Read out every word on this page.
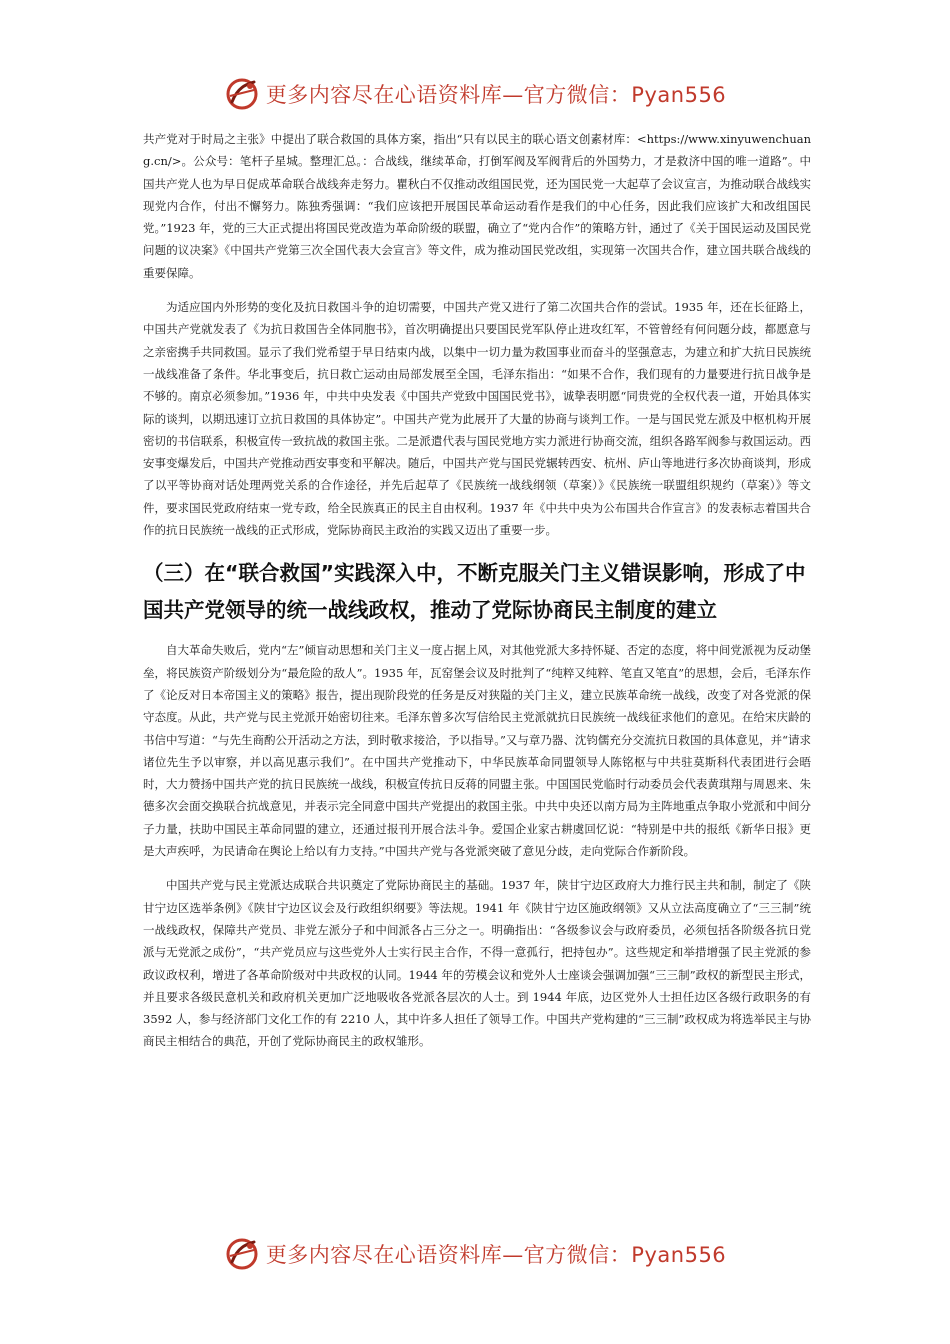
更多内容尽在心语资料库—官方微信：Pyan556

共产党对于时局之主张》中提出了联合救国的具体方案，指出“只有以民主的联心语文创素材库：<https://www.xinyuwenchuang.cn/>。公众号：笔杆子星城。整理汇总。：合战线，继续革命，打倒军阀及军阀背后的外国势力，才是救济中国的唯一道路”。中国共产党人也为早日促成革命联合战线奔走努力。瞿秋白不仅推动改组国民党，还为国民党一大起草了会议宣言，为推动联合战线实现党内合作，付出不懈努力。陈独秀强调：“我们应该把开展国民革命运动看作是我们的中心任务，因此我们应该扩大和改组国民党。”1923 年，党的三大正式提出将国民党改造为革命阶级的联盟，确立了“党内合作”的策略方针，通过了《关于国民运动及国民党问题的议决案》《中国共产党第三次全国代表大会宣言》等文件，成为推动国民党改组，实现第一次国共合作，建立国共联合战线的重要保障。

为适应国内外形势的变化及抗日救国斗争的迫切需要，中国共产党又进行了第二次国共合作的尝试。1935 年，还在长征路上，中国共产党就发表了《为抗日救国告全体同胞书》，首次明确提出只要国民党军队停止进攻红军，不管曾经有何问题分歧，都愿意与之亲密携手共同救国。显示了我们党希望于早日结束内战，以集中一切力量为救国事业而奋斗的坚强意志，为建立和扩大抗日民族统一战线准备了条件。华北事变后，抗日救亡运动由局部发展至全国，毛泽东指出：“如果不合作，我们现有的力量要进行抗日战争是不够的。南京必须参加。”1936 年，中共中央发表《中国共产党致中国国民党书》，诚挚表明愿“同贵党的全权代表一道，开始具体实际的谈判，以期迅速订立抗日救国的具体协定”。中国共产党为此展开了大量的协商与谈判工作。一是与国民党左派及中枢机构开展密切的书信联系，积极宣传一致抗战的救国主张。二是派遣代表与国民党地方实力派进行协商交流，组织各路军阀参与救国运动。西安事变爆发后，中国共产党推动西安事变和平解决。随后，中国共产党与国民党辗转西安、杭州、庐山等地进行多次协商谈判，形成了以平等协商对话处理两党关系的合作途径，并先后起草了《民族统一战线纲领（草案）》《民族统一联盟组织规约（草案）》等文件，要求国民党政府结束一党专政，给全民族真正的民主自由权利。1937 年《中共中央为公布国共合作宣言》的发表标志着国共合作的抗日民族统一战线的正式形成，党际协商民主政治的实践又迈出了重要一步。

（三）在“联合救国”实践深入中，不断克服关门主义错误影响，形成了中国共产党领导的统一战线政权，推动了党际协商民主制度的建立

自大革命失败后，党内“左”倾盲动思想和关门主义一度占据上风，对其他党派大多持怀疑、否定的态度，将中间党派视为反动堡垒，将民族资产阶级划分为“最危险的敌人”。1935 年，瓦窑堡会议及时批判了“纯粹又纯粹、笔直又笔直”的思想，会后，毛泽东作了《论反对日本帝国主义的策略》报告，提出现阶段党的任务是反对狭隘的关门主义，建立民族革命统一战线，改变了对各党派的保守态度。从此，共产党与民主党派开始密切往来。毛泽东曾多次写信给民主党派就抗日民族统一战线征求他们的意见。在给宋庆龄的书信中写道：“与先生商酌公开活动之方法，到时敬求接洽，予以指导。”又与章乃器、沈钧儒充分交流抗日救国的具体意见，并“请求诸位先生予以审察，并以高见惠示我们”。在中国共产党推动下，中华民族革命同盟领导人陈铭枢与中共驻莫斯科代表团进行会晤时，大力赞扬中国共产党的抗日民族统一战线，积极宣传抗日反蒋的同盟主张。中国国民党临时行动委员会代表黄琪翔与周恩来、朱德多次会面交换联合抗战意见，并表示完全同意中国共产党提出的救国主张。中共中央还以南方局为主阵地重点争取小党派和中间分子力量，扶助中国民主革命同盟的建立，还通过报刊开展合法斗争。爱国企业家古耕虞回忆说：“特别是中共的报纸《新华日报》更是大声疾呼，为民请命在舆论上给以有力支持。”中国共产党与各党派突破了意见分歧，走向党际合作新阶段。

中国共产党与民主党派达成联合共识奠定了党际协商民主的基础。1937 年，陕甘宁边区政府大力推行民主共和制，制定了《陕甘宁边区选举条例》《陕甘宁边区议会及行政组织纲要》等法规。1941 年《陕甘宁边区施政纲领》又从立法高度确立了“三三制”统一战线政权，保障共产党员、非党左派分子和中间派各占三分之一。明确指出：“各级参议会与政府委员，必须包括各阶级各抗日党派与无党派之成份”，“共产党员应与这些党外人士实行民主合作，不得一意孤行，把持包办”。这些规定和举措增强了民主党派的参政议政权利，增进了各革命阶级对中共政权的认同。1944 年的劳模会议和党外人士座谈会强调加强“三三制”政权的新型民主形式，并且要求各级民意机关和政府机关更加广泛地吸收各党派各层次的人士。到 1944 年底，边区党外人士担任边区各级行政职务的有 3592 人，参与经济部门文化工作的有 2210 人，其中许多人担任了领导工作。中国共产党构建的“三三制”政权成为将选举民主与协商民主相结合的典范，开创了党际协商民主的政权雏形。

更多内容尽在心语资料库—官方微信：Pyan556
